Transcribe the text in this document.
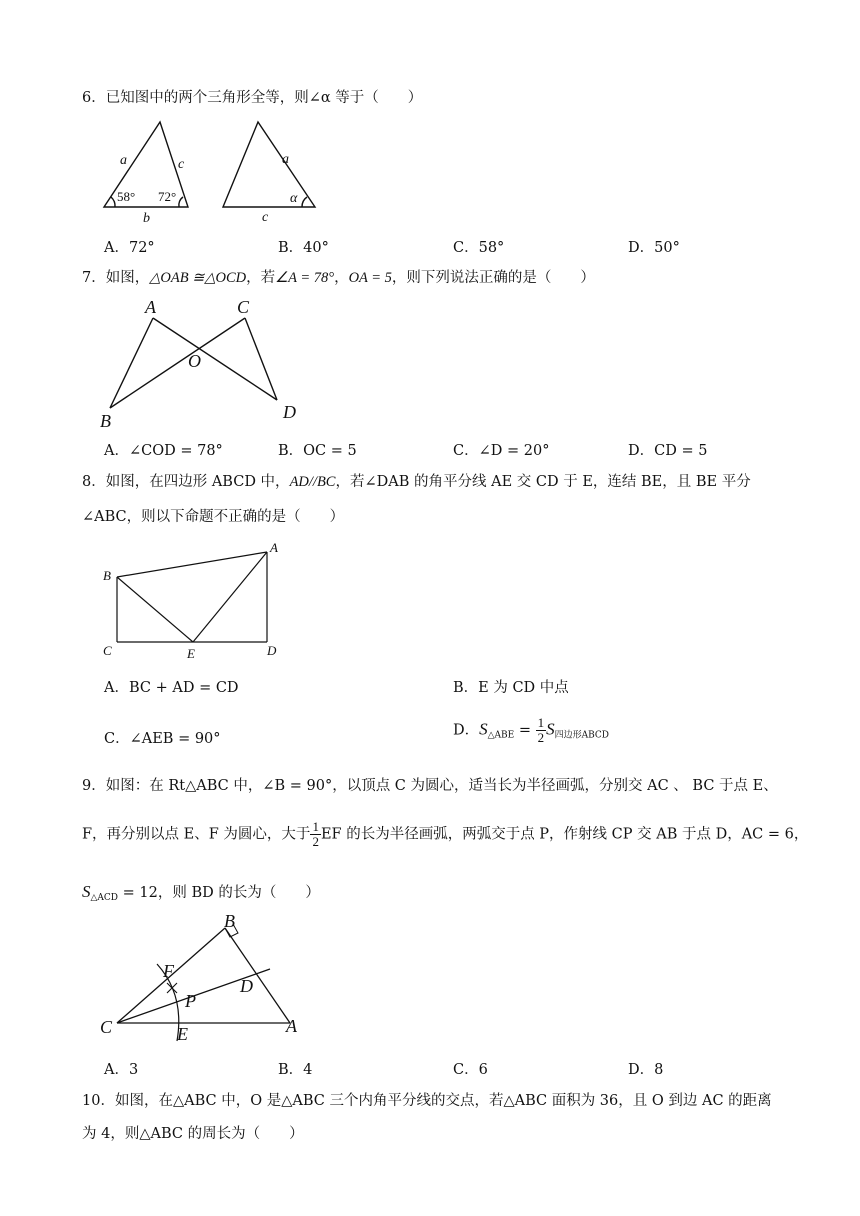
6．已知图中的两个三角形全等，则∠α 等于（　　）
a	c
b
a
α
c
58° 72°
A．72°	B．40°	C．58°	D．50°
7．如图，△OAB ≅△OCD，若∠A = 78°，OA = 5，则下列说法正确的是（　　）
A	C
O
B	D
A．∠COD = 78°	B．OC = 5	C．∠D = 20°	D．CD = 5
8．如图，在四边形 ABCD 中，AD//BC，若∠DAB 的角平分线 AE 交 CD 于 E，连结 BE，且 BE 平分
∠ABC，则以下命题不正确的是（　　）
A
B
C	E	D
A．BC + AD = CD	B．E 为 CD 中点
C．∠AEB = 90°
D．$S_{\triangle ABE} = \frac{1}{2} S_{四边形ABCD}$
9．如图：在 Rt△ABC 中，∠B = 90°，以顶点 C 为圆心，适当长为半径画弧，分别交 AC 、 BC 于点 E、
F，再分别以点 E、F 为圆心，大于 $\frac{1}{2}$ EF 的长为半径画弧，两弧交于点 P，作射线 CP 交 AB 于点 D，AC = 6，
$S_{\triangle ACD} = 12$，则 BD 的长为（　　）
B
F
P
D
C	E	A
A．3	B．4	C．6	D．8
10．如图，在△ABC 中，O 是△ABC 三个内角平分线的交点，若△ABC 面积为 36，且 O 到边 AC 的距离
为 4，则△ABC 的周长为（　　）
